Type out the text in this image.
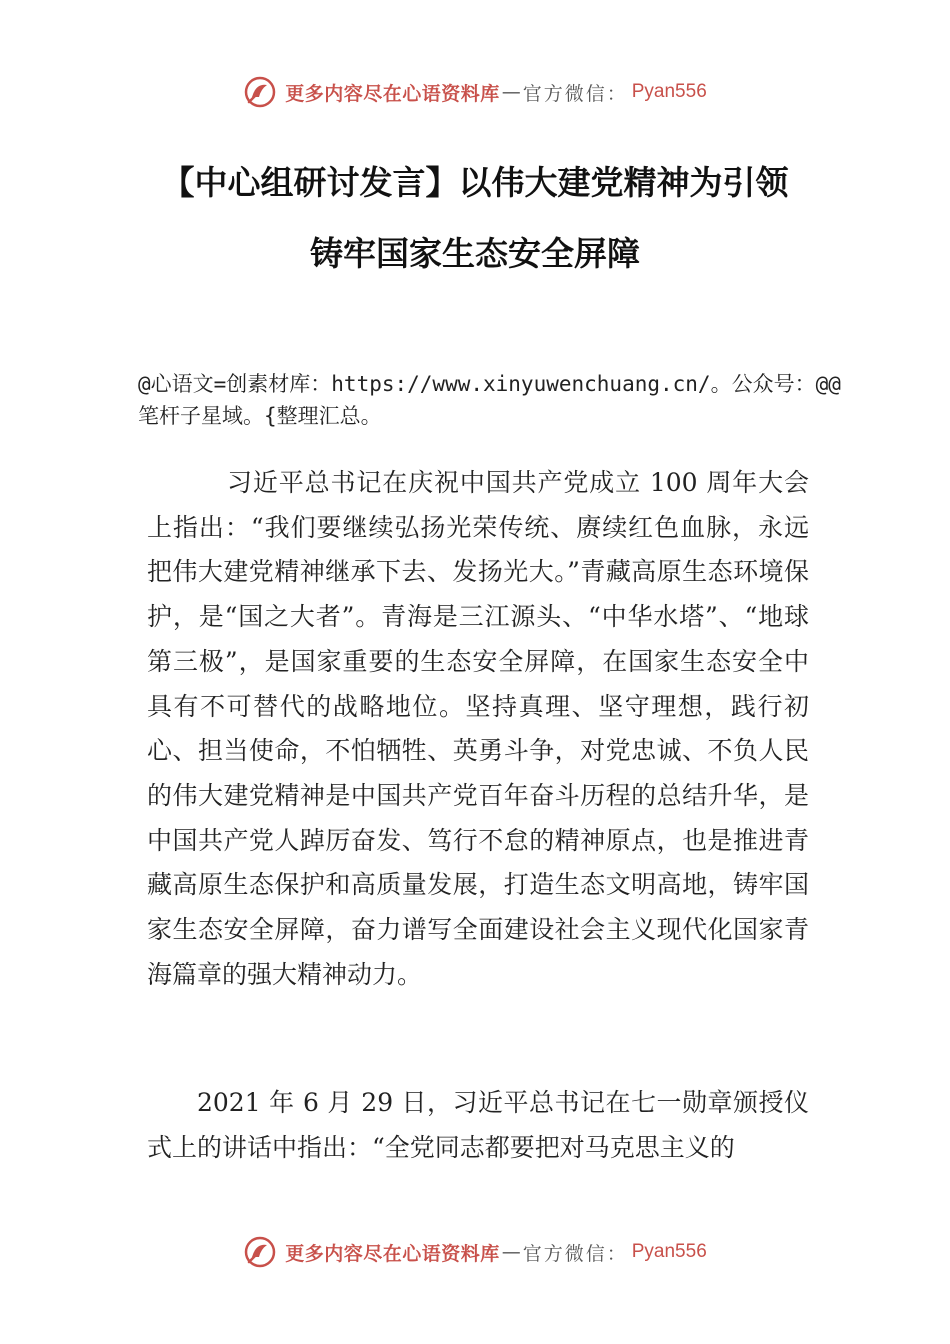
更多内容尽在心语资料库 — 官方微信： Pyan556
【中心组研讨发言】以伟大建党精神为引领
铸牢国家生态安全屏障

@心语文=创素材库：https://www.xinyuwenchuang.cn/。公众号：@@笔杆子星域。{整理汇总。

习近平总书记在庆祝中国共产党成立 100 周年大会上指出：“我们要继续弘扬光荣传统、赓续红色血脉，永远把伟大建党精神继承下去、发扬光大。”青藏高原生态环境保护，是“国之大者”。青海是三江源头、“中华水塔”、“地球第三极”，是国家重要的生态安全屏障，在国家生态安全中具有不可替代的战略地位。坚持真理、坚守理想，践行初心、担当使命，不怕牺牲、英勇斗争，对党忠诚、不负人民的伟大建党精神是中国共产党百年奋斗历程的总结升华，是中国共产党人踔厉奋发、笃行不怠的精神原点，也是推进青藏高原生态保护和高质量发展，打造生态文明高地，铸牢国家生态安全屏障，奋力谱写全面建设社会主义现代化国家青海篇章的强大精神动力。

2021 年 6 月 29 日，习近平总书记在七一勋章颁授仪式上的讲话中指出：“全党同志都要把对马克思主义的

更多内容尽在心语资料库 — 官方微信： Pyan556
